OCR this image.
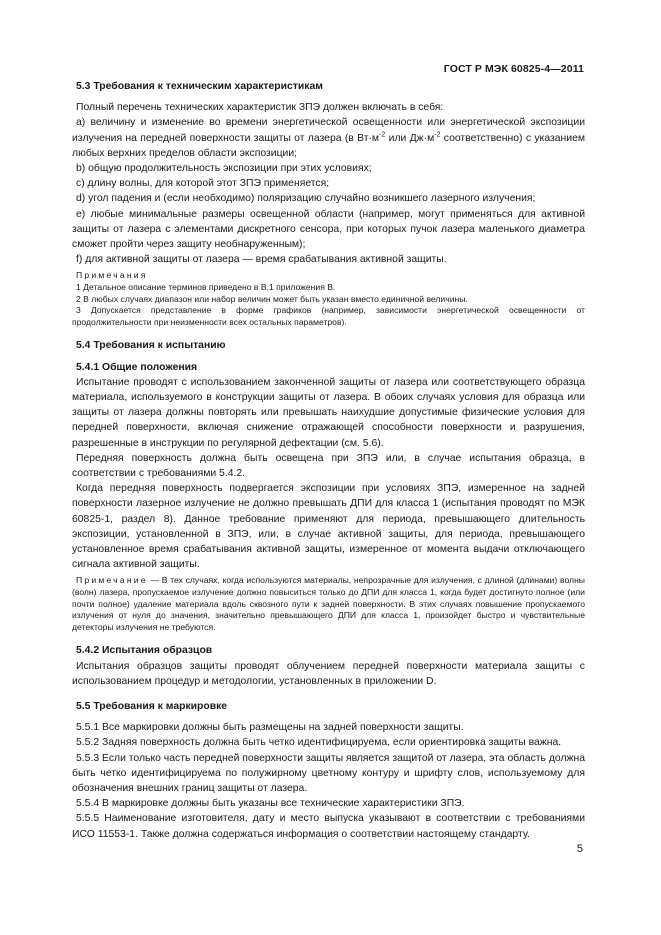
ГОСТ Р МЭК 60825-4—2011

5.3 Требования к техническим характеристикам

Полный перечень технических характеристик ЗПЭ должен включать в себя:

а) величину и изменение во времени энергетической освещенности или энергетической экспозиции излучения на передней поверхности защиты от лазера (в $Вт\cdot м^{-2}$ или $Дж\cdot м^{-2}$ соответственно) с указанием любых верхних пределов области экспозиции;

b) общую продолжительность экспозиции при этих условиях;

с) длину волны, для которой этот ЗПЭ применяется;

d) угол падения и (если необходимо) поляризацию случайно возникшего лазерного излучения;

е) любые минимальные размеры освещенной области (например, могут применяться для активной защиты от лазера с элементами дискретного сенсора, при которых пучок лазера маленького диаметра сможет пройти через защиту необнаруженным);

f) для активной защиты от лазера — время срабатывания активной защиты.

Примечания

1 Детальное описание терминов приведено в В.1 приложения В.

2 В любых случаях диапазон или набор величин может быть указан вместо единичной величины.

3 Допускается представление в форме графиков (например, зависимости энергетической освещенности от продолжительности при неизменности всех остальных параметров).

5.4 Требования к испытанию

5.4.1 Общие положения

Испытание проводят с использованием законченной защиты от лазера или соответствующего образца материала, используемого в конструкции защиты от лазера. В обоих случаях условия для образца или защиты от лазера должны повторять или превышать наихудшие допустимые физические условия для передней поверхности, включая снижение отражающей способности поверхности и разрушения, разрешенные в инструкции по регулярной дефектации (см. 5.6).

Передняя поверхность должна быть освещена при ЗПЭ или, в случае испытания образца, в соответствии с требованиями 5.4.2.

Когда передняя поверхность подвергается экспозиции при условиях ЗПЭ, измеренное на задней поверхности лазерное излучение не должно превышать ДПИ для класса 1 (испытания проводят по МЭК 60825-1, раздел 8). Данное требование применяют для периода, превышающего длительность экспозиции, установленной в ЗПЭ, или, в случае активной защиты, для периода, превышающего установленное время срабатывания активной защиты, измеренное от момента выдачи отключающего сигнала активной защиты.

Примечание — В тех случаях, когда используются материалы, непрозрачные для излучения, с длиной (длинами) волны (волн) лазера, пропускаемое излучение должно повыситься только до ДПИ для класса 1, когда будет достигнуто полное (или почти полное) удаление материала вдоль сквозного пути к задней поверхности. В этих случаях повышение пропускаемого излучения от нуля до значения, значительно превышающего ДПИ для класса 1, произойдет быстро и чувствительные детекторы излучения не требуются.

5.4.2 Испытания образцов

Испытания образцов защиты проводят облучением передней поверхности материала защиты с использованием процедур и методологии, установленных в приложении D.

5.5 Требования к маркировке

5.5.1 Все маркировки должны быть размещены на задней поверхности защиты.

5.5.2 Задняя поверхность должна быть четко идентифицируема, если ориентировка защиты важна.

5.5.3 Если только часть передней поверхности защиты является защитой от лазера, эта область должна быть четко идентифицируема по полужирному цветному контуру и шрифту слов, используемому для обозначения внешних границ защиты от лазера.

5.5.4 В маркировке должны быть указаны все технические характеристики ЗПЭ.

5.5.5 Наименование изготовителя, дату и место выпуска указывают в соответствии с требованиями ИСО 11553-1. Также должна содержаться информация о соответствии настоящему стандарту.

5
